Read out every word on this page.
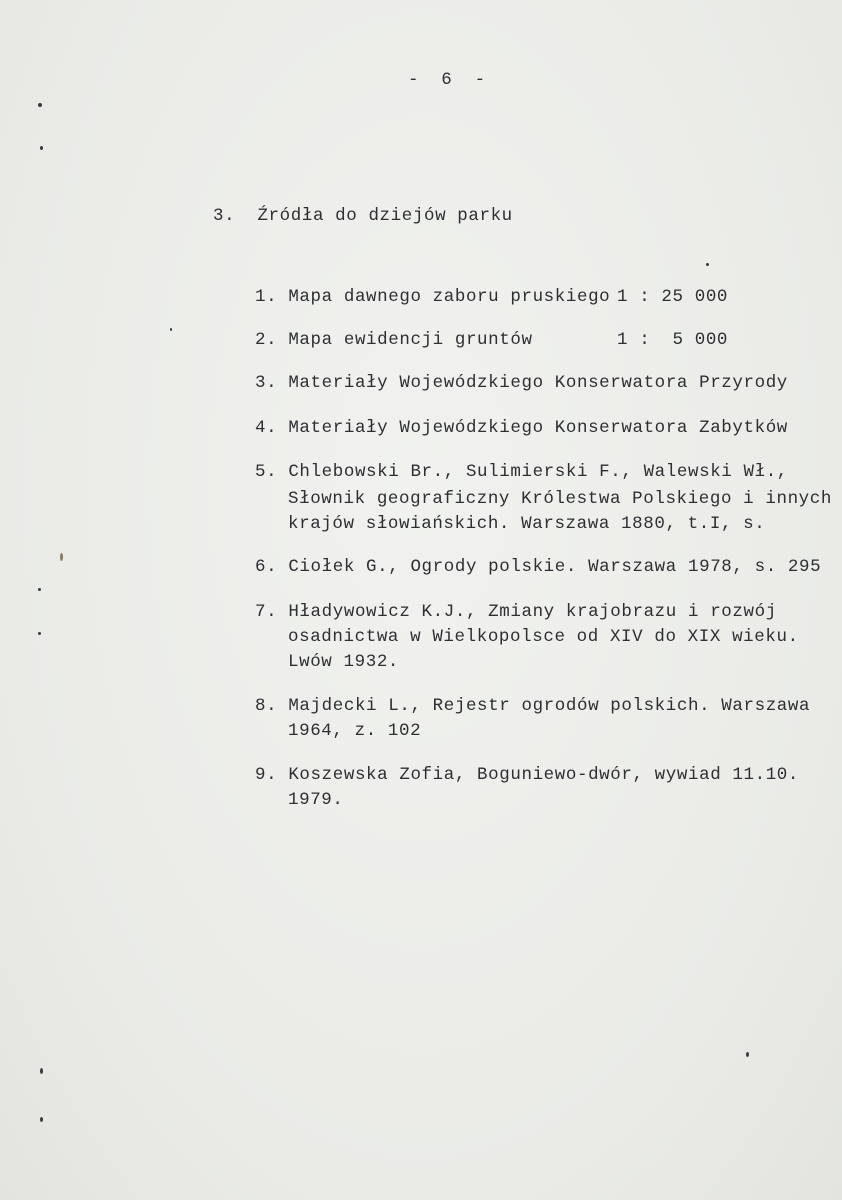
-  6  -
3. Źródła do dziejów parku
1. Mapa dawnego zaboru pruskiego 1 : 25 000
2. Mapa ewidencji gruntów	1 :  5 000
3. Materiały Wojewódzkiego Konserwatora Przyrody
4. Materiały Wojewódzkiego Konserwatora Zabytków
5. Chlebowski Br., Sulimierski F., Walewski Wł.,
Słownik geograficzny Królestwa Polskiego i innych
krajów słowiańskich. Warszawa 1880, t.I, s.
6. Ciołek G., Ogrody polskie. Warszawa 1978, s. 295
7. Hładywowicz K.J., Zmiany krajobrazu i rozwój
osadnictwa w Wielkopolsce od XIV do XIX wieku.
Lwów 1932.
8. Majdecki L., Rejestr ogrodów polskich. Warszawa
1964, z. 102
9. Koszewska Zofia, Boguniewo-dwór, wywiad 11.10.
1979.
